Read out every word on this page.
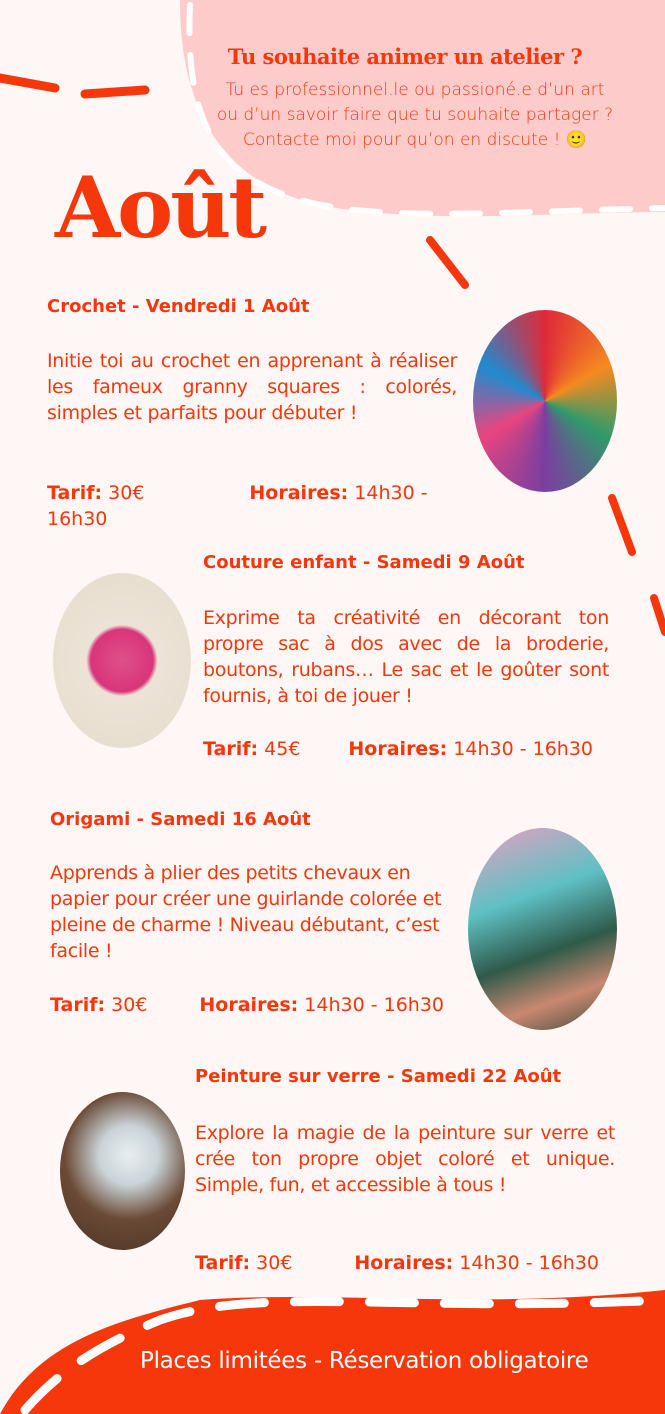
Tu souhaite animer un atelier ?
Tu es professionnel.le ou passioné.e d’un art
ou d’un savoir faire que tu souhaite partager ?
Contacte moi pour qu’on en discute ! 🙂
Août
Crochet - Vendredi 1 Août
Initie toi au crochet en apprenant à réaliser les fameux granny squares : colorés, simples et parfaits pour débuter !
Tarif: 30€	Horaires: 14h30 - 16h30
Couture enfant - Samedi 9 Août
Exprime ta créativité en décorant ton propre sac à dos avec de la broderie, boutons, rubans… Le sac et le goûter sont fournis, à toi de jouer !
Tarif: 45€	Horaires: 14h30 - 16h30
Origami - Samedi 16 Août
Apprends à plier des petits chevaux en papier pour créer une guirlande colorée et pleine de charme ! Niveau débutant, c’est facile !
Tarif: 30€	Horaires: 14h30 - 16h30
Peinture sur verre - Samedi 22 Août
Explore la magie de la peinture sur verre et crée ton propre objet coloré et unique. Simple, fun, et accessible à tous !
Tarif: 30€	Horaires: 14h30 - 16h30
Places limitées - Réservation obligatoire
